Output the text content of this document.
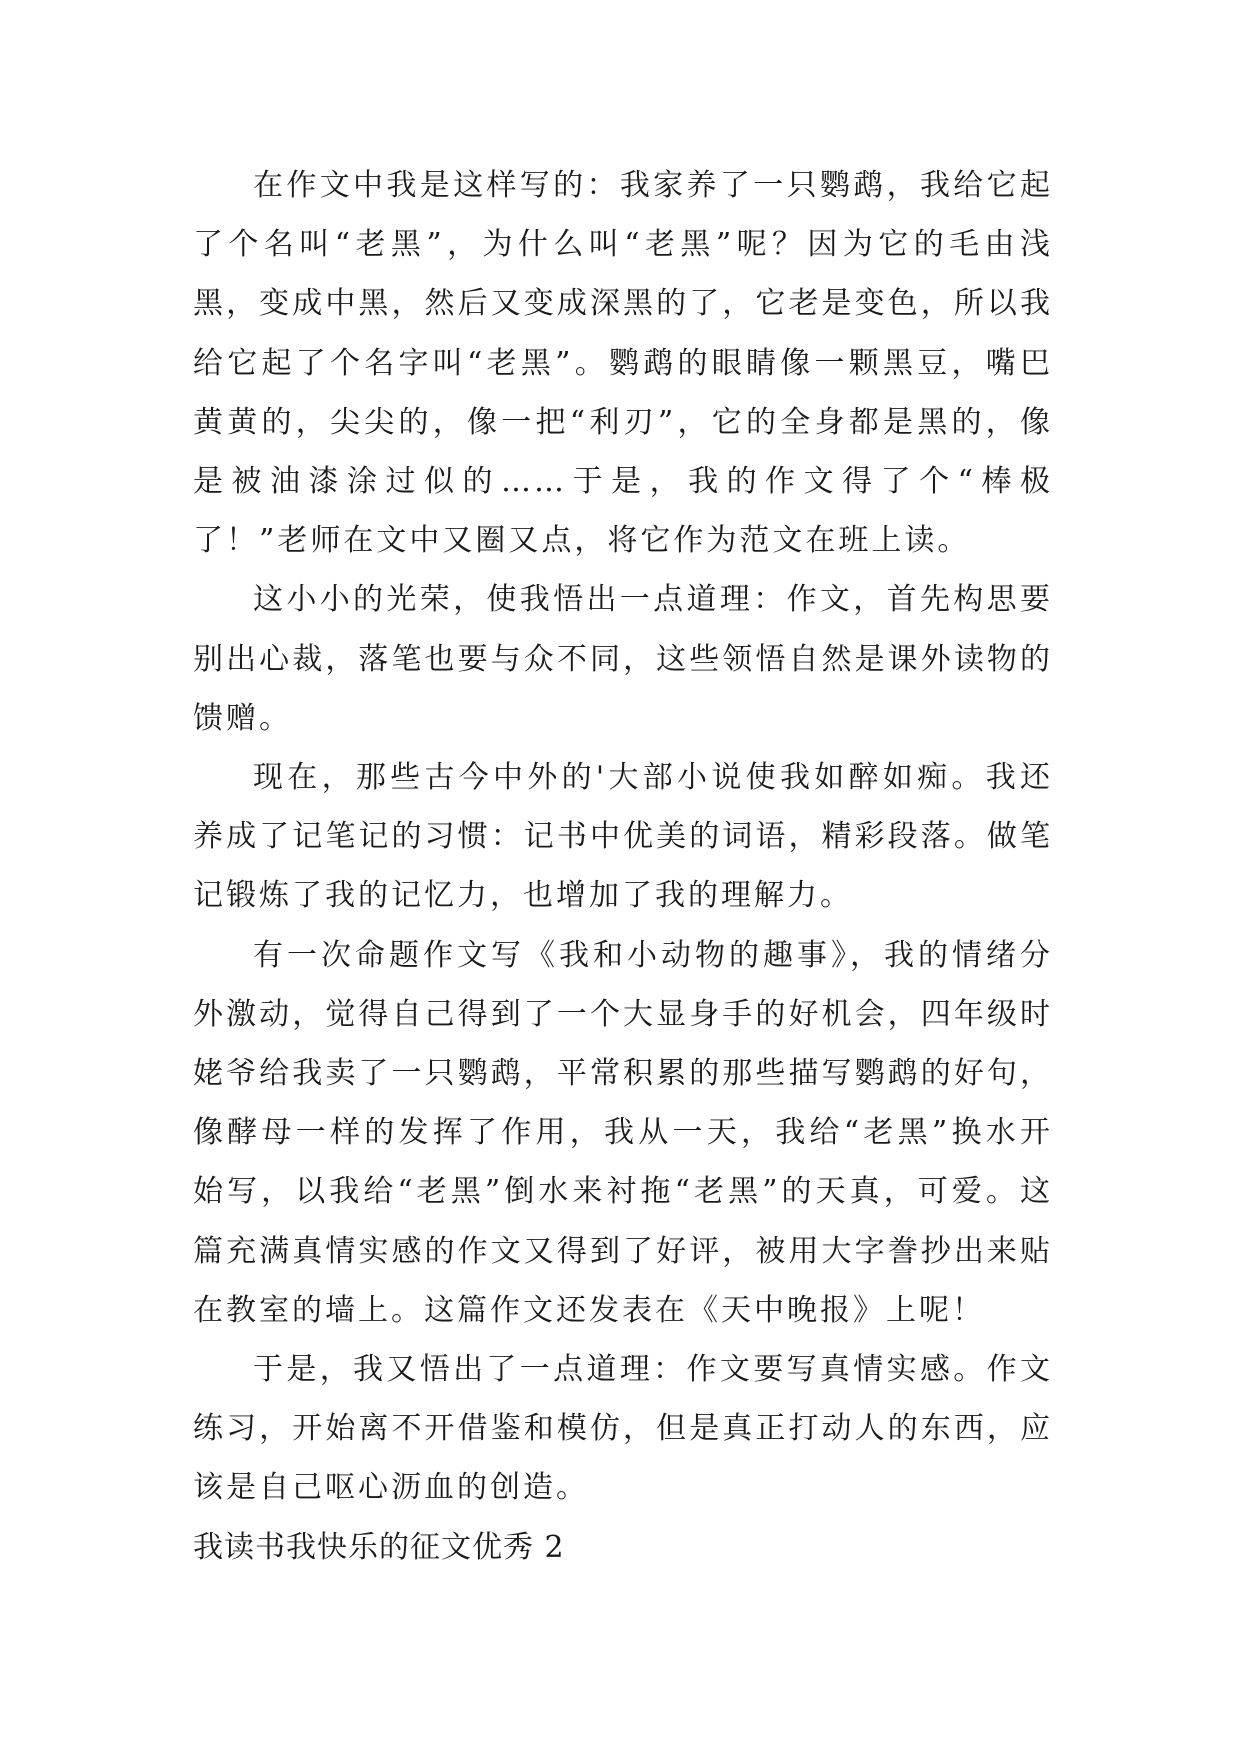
在作文中我是这样写的：我家养了一只鹦鹉，我给它起了个名叫“老黑”，为什么叫“老黑”呢？因为它的毛由浅黑，变成中黑，然后又变成深黑的了，它老是变色，所以我给它起了个名字叫“老黑”。鹦鹉的眼睛像一颗黑豆，嘴巴黄黄的，尖尖的，像一把“利刃”，它的全身都是黑的，像是被油漆涂过似的……于是，我的作文得了个“棒极了！”老师在文中又圈又点，将它作为范文在班上读。

这小小的光荣，使我悟出一点道理：作文，首先构思要别出心裁，落笔也要与众不同，这些领悟自然是课外读物的馈赠。

现在，那些古今中外的'大部小说使我如醉如痴。我还养成了记笔记的习惯：记书中优美的词语，精彩段落。做笔记锻炼了我的记忆力，也增加了我的理解力。

有一次命题作文写《我和小动物的趣事》，我的情绪分外激动，觉得自己得到了一个大显身手的好机会，四年级时姥爷给我卖了一只鹦鹉，平常积累的那些描写鹦鹉的好句，像酵母一样的发挥了作用，我从一天，我给“老黑”换水开始写，以我给“老黑”倒水来衬拖“老黑”的天真，可爱。这篇充满真情实感的作文又得到了好评，被用大字誊抄出来贴在教室的墙上。这篇作文还发表在《天中晚报》上呢！

于是，我又悟出了一点道理：作文要写真情实感。作文练习，开始离不开借鉴和模仿，但是真正打动人的东西，应该是自己呕心沥血的创造。

我读书我快乐的征文优秀 2
